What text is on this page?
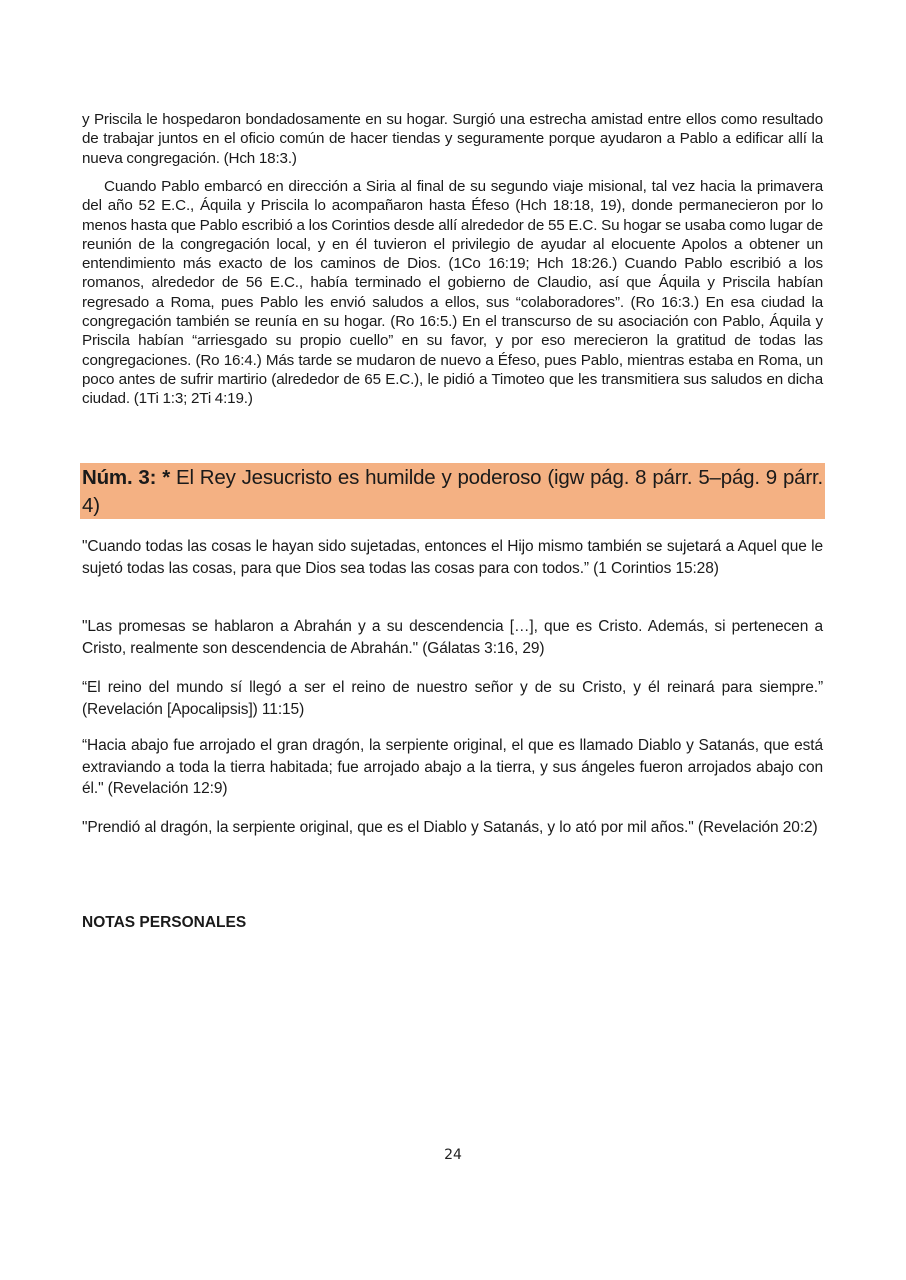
y Priscila le hospedaron bondadosamente en su hogar. Surgió una estrecha amistad entre ellos como resultado de trabajar juntos en el oficio común de hacer tiendas y seguramente porque ayudaron a Pablo a edificar allí la nueva congregación. (Hch 18:3.)

Cuando Pablo embarcó en dirección a Siria al final de su segundo viaje misional, tal vez hacia la primavera del año 52 E.C., Áquila y Priscila lo acompañaron hasta Éfeso (Hch 18:18, 19), donde permanecieron por lo menos hasta que Pablo escribió a los Corintios desde allí alrededor de 55 E.C. Su hogar se usaba como lugar de reunión de la congregación local, y en él tuvieron el privilegio de ayudar al elocuente Apolos a obtener un entendimiento más exacto de los caminos de Dios. (1Co 16:19; Hch 18:26.) Cuando Pablo escribió a los romanos, alrededor de 56 E.C., había terminado el gobierno de Claudio, así que Áquila y Priscila habían regresado a Roma, pues Pablo les envió saludos a ellos, sus “colaboradores”. (Ro 16:3.) En esa ciudad la congregación también se reunía en su hogar. (Ro 16:5.) En el transcurso de su asociación con Pablo, Áquila y Priscila habían “arriesgado su propio cuello” en su favor, y por eso merecieron la gratitud de todas las congregaciones. (Ro 16:4.) Más tarde se mudaron de nuevo a Éfeso, pues Pablo, mientras estaba en Roma, un poco antes de sufrir martirio (alrededor de 65 E.C.), le pidió a Timoteo que les transmitiera sus saludos en dicha ciudad. (1Ti 1:3; 2Ti 4:19.)

Núm. 3: * El Rey Jesucristo es humilde y poderoso (igw pág. 8 párr. 5–pág. 9 párr. 4)

"Cuando todas las cosas le hayan sido sujetadas, entonces el Hijo mismo también se sujetará a Aquel que le sujetó todas las cosas, para que Dios sea todas las cosas para con todos.” (1 Corintios 15:28)

"Las promesas se hablaron a Abrahán y a su descendencia […], que es Cristo. Además, si pertenecen a Cristo, realmente son descendencia de Abrahán." (Gálatas 3:16, 29)

“El reino del mundo sí llegó a ser el reino de nuestro señor y de su Cristo, y él reinará para siempre.” (Revelación [Apocalipsis]) 11:15)

“Hacia abajo fue arrojado el gran dragón, la serpiente original, el que es llamado Diablo y Satanás, que está extraviando a toda la tierra habitada; fue arrojado abajo a la tierra, y sus ángeles fueron arrojados abajo con él." (Revelación 12:9)

"Prendió al dragón, la serpiente original, que es el Diablo y Satanás, y lo ató por mil años." (Revelación 20:2)

NOTAS PERSONALES
24
